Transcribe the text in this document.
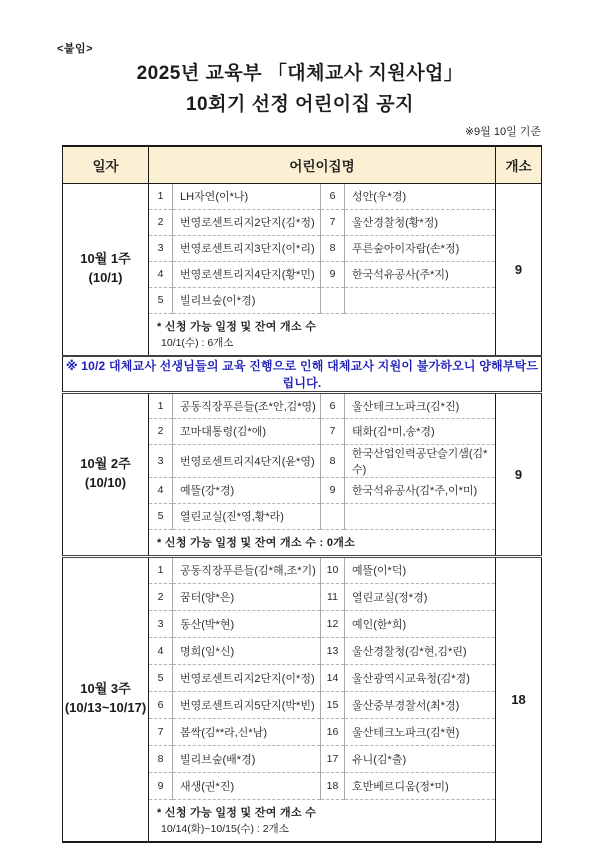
<붙임>
2025년 교육부 「대체교사 지원사업」
10회기 선정 어린이집 공지
※9월 10일 기준
일자	어린이집명				개소

10월 1주
(10/1)	1	LH자연(이*나)	6	성안(우*경)	9
	2	번영로센트리지2단지(김*정)	7	울산경찰청(황*정)	
	3	번영로센트리지3단지(이*리)	8	푸른숲아이자람(손*정)	
	4	번영로센트리지4단지(황*민)	9	한국석유공사(주*지)	
	5	빌리브숲(이*경)			

	* 신청 가능 일정 및 잔여 개소 수
10/1(수) : 6개소				

※ 10/2 대체교사 선생님들의 교육 진행으로 인해 대체교사 지원이 불가하오니 양해부탁드립니다.					

10월 2주
(10/10)	1	공동직장푸른들(조*안,김*영)	6	울산테크노파크(김*진)	9
	2	꼬마대통령(김*애)	7	태화(김*미,송*경)	
	3	번영로센트리지4단지(윤*영)	8	한국산업인력공단슬기샘(김*수)	
	4	예뜰(강*경)	9	한국석유공사(김*주,이*미)	
	5	열린교실(진*영,황*라)			

	* 신청 가능 일정 및 잔여 개소 수 : 0개소				

10월 3주
(10/13~10/17)	1	공동직장푸른들(김*해,조*기)	10	예뜰(이*덕)	18
	2	꿈터(양*은)	11	열린교실(정*경)	
	3	동산(박*현)	12	예인(한*희)	
	4	명희(임*신)	13	울산경찰청(김*현,김*린)	
	5	번영로센트리지2단지(이*정)	14	울산광역시교육청(김*경)	
	6	번영로센트리지5단지(박*빈)	15	울산중부경찰서(최*경)	
	7	봄싹(김**라,신*남)	16	울산테크노파크(김*현)	
	8	빌리브숲(배*경)	17	유니(김*출)	
	9	새생(권*진)	18	호반베르디움(정*미)	

	* 신청 가능 일정 및 잔여 개소 수
10/14(화)~10/15(수) : 2개소				
